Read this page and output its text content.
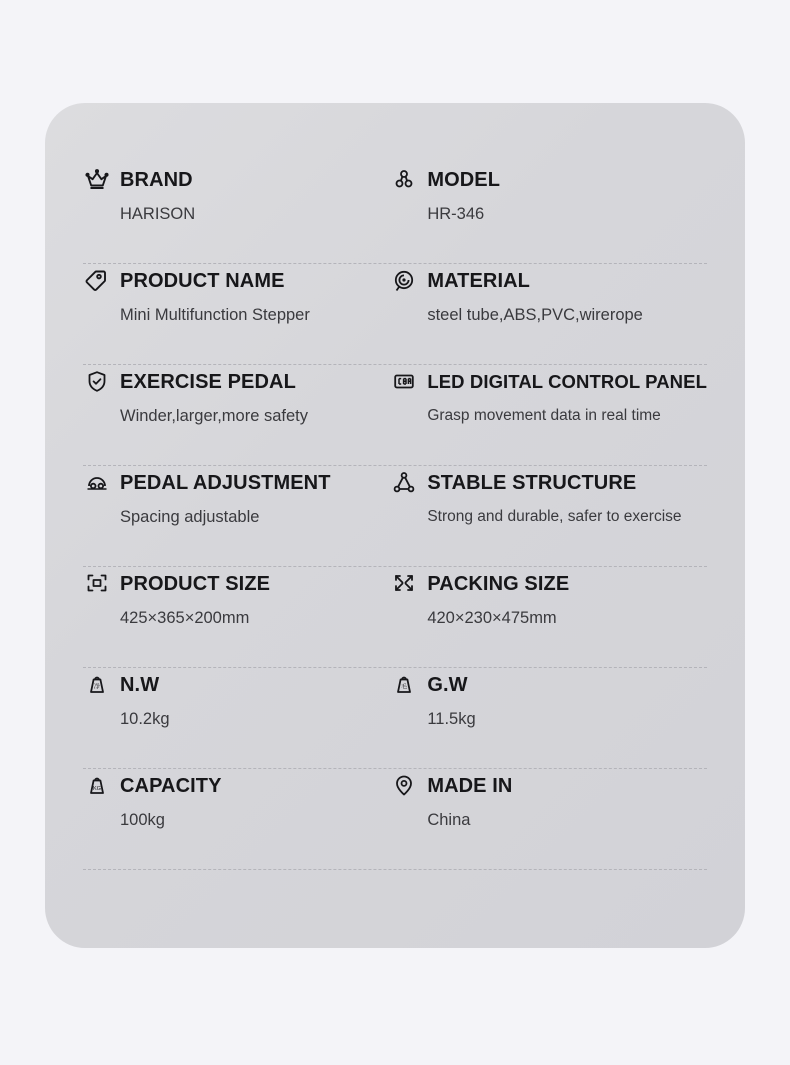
BRAND
HARISON

MODEL
HR-346

PRODUCT NAME
Mini Multifunction Stepper

MATERIAL
steel tube,ABS,PVC,wirerope

EXERCISE PEDAL
Winder,larger,more safety

LED DIGITAL CONTROL PANEL
Grasp movement data in real time

PEDAL ADJUSTMENT
Spacing adjustable

STABLE STRUCTURE
Strong and durable, safer to exercise

PRODUCT SIZE
425×365×200mm

PACKING SIZE
420×230×475mm

净 N.W
10.2kg

毛 G.W
11.5kg

KG CAPACITY
100kg

MADE IN
China
